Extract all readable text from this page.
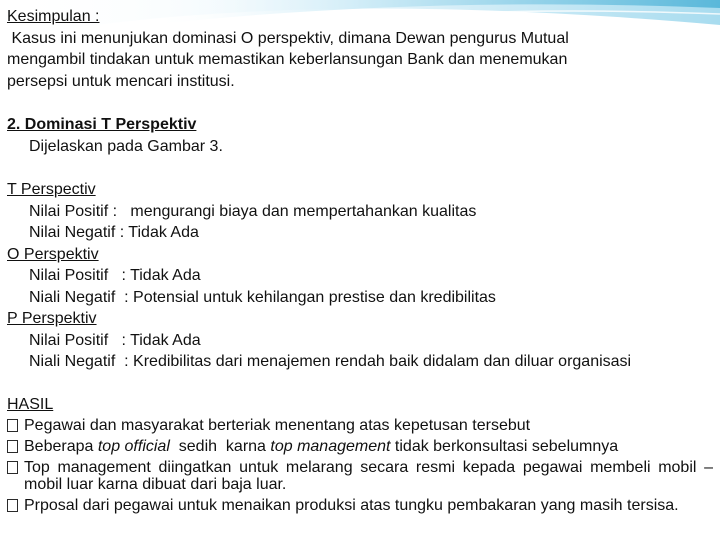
Kesimpulan :
Kasus ini menunjukan dominasi O perspektiv, dimana Dewan pengurus Mutual
mengambil tindakan untuk memastikan keberlansungan Bank dan menemukan
persepsi untuk mencari institusi.
2. Dominasi T Perspektiv
Dijelaskan pada Gambar 3.
T Perspectiv
Nilai Positif :   mengurangi biaya dan mempertahankan kualitas
Nilai Negatif : Tidak Ada
O Perspektiv
Nilai Positif   : Tidak Ada
Niali Negatif  : Potensial untuk kehilangan prestise dan kredibilitas
P Perspektiv
Nilai Positif   : Tidak Ada
Niali Negatif  : Kredibilitas dari menajemen rendah baik didalam dan diluar organisasi
HASIL
Pegawai dan masyarakat berteriak menentang atas kepetusan tersebut
Beberapa top official  sedih  karna top management tidak berkonsultasi sebelumnya
Top management diingatkan untuk melarang secara resmi kepada pegawai membeli mobil – mobil luar karna dibuat dari baja luar.
Prposal dari pegawai untuk menaikan produksi atas tungku pembakaran yang masih tersisa.
